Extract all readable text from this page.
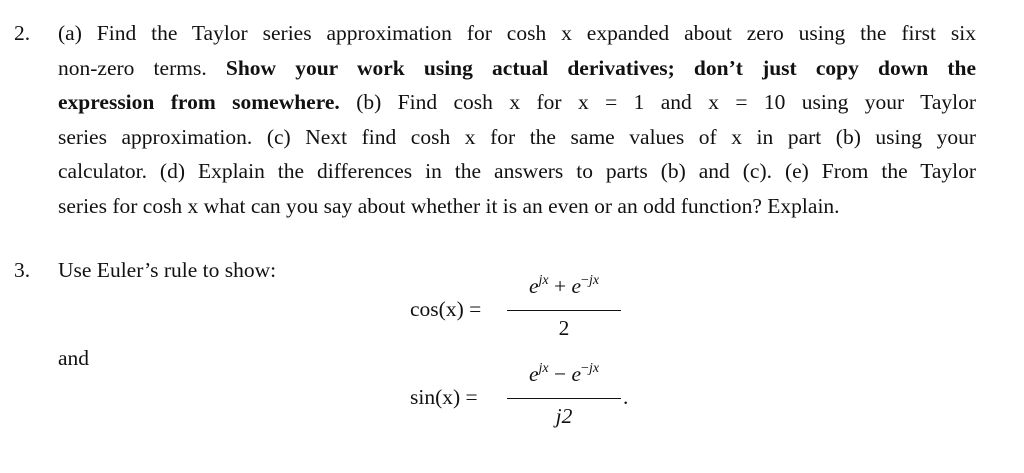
2. (a) Find the Taylor series approximation for cosh x expanded about zero using the first six
non-zero terms. Show your work using actual derivatives; don’t just copy down the
expression from somewhere. (b) Find cosh x for x = 1 and x = 10 using your Taylor
series approximation. (c) Next find cosh x for the same values of x in part (b) using your
calculator. (d) Explain the differences in the answers to parts (b) and (c). (e) From the Taylor
series for cosh x what can you say about whether it is an even or an odd function? Explain.
3. Use Euler’s rule to show:
and
cos(x) =
$e^{jx} + e^{-jx}$
2
sin(x) =
$e^{jx} - e^{-jx}$
j2
.
